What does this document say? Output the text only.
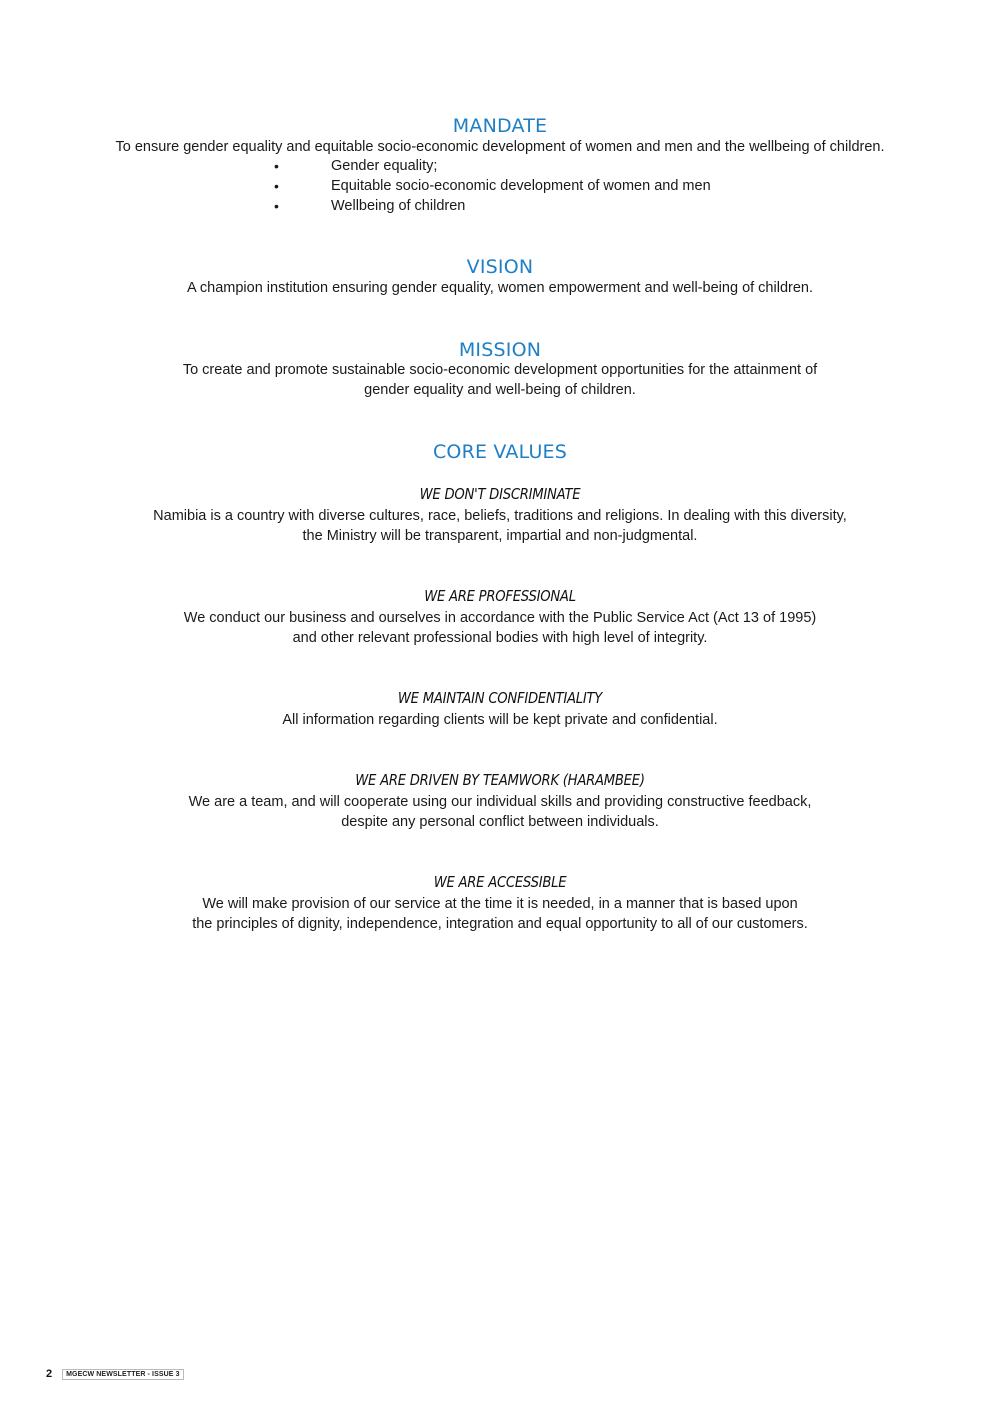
MANDATE

To ensure gender equality and equitable socio-economic development of women and men and the wellbeing of children.

•	Gender equality;
•	Equitable socio-economic development of women and men
•	Wellbeing of children
VISION

A champion institution ensuring gender equality, women empowerment and well-being of children.

MISSION

To create and promote sustainable socio-economic development opportunities for the attainment of

gender equality and well-being of children.

CORE VALUES
WE DON'T DISCRIMINATE

Namibia is a country with diverse cultures, race, beliefs, traditions and religions. In dealing with this diversity,

the Ministry will be transparent, impartial and non-judgmental.

WE ARE PROFESSIONAL

We conduct our business and ourselves in accordance with the Public Service Act (Act 13 of 1995)

and other relevant professional bodies with high level of integrity.

WE MAINTAIN CONFIDENTIALITY

All information regarding clients will be kept private and confidential.

WE ARE DRIVEN BY TEAMWORK (HARAMBEE)

We are a team, and will cooperate using our individual skills and providing constructive feedback,

despite any personal conflict between individuals.

WE ARE ACCESSIBLE

We will make provision of our service at the time it is needed, in a manner that is based upon

the principles of dignity, independence, integration and equal opportunity to all of our customers.

2	MGECW NEWSLETTER - ISSUE 3
